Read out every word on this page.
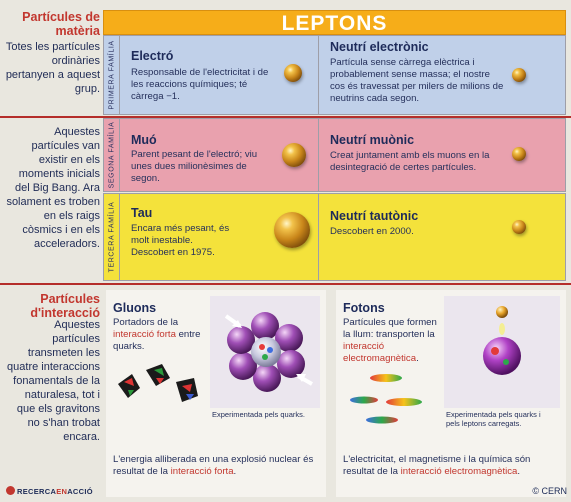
Partícules de matèria
Totes les partícules ordinàries pertanyen a aquest grup.
Aquestes partícules van existir en els moments inicials del Big Bang. Ara solament es troben en els raigs còsmics i en els acceleradors.
Partícules d'interacció
Aquestes partícules transmeten les quatre interaccions fonamentals de la naturalesa, tot i que els gravitons no s'han trobat encara.
LEPTONS
PRIMERA FAMÍLIA Electró
Responsable de l'electricitat i de les reaccions químiques; té càrrega −1.
Neutrí electrònic
Partícula sense càrrega elèctrica i probablement sense massa; el nostre cos és travessat per milers de milions de neutrins cada segon.
SEGONA FAMÍLIA Muó
Parent pesant de l'electró; viu unes dues milionèsimes de segon.
Neutrí muònic
Creat juntament amb els muons en la desintegració de certes partícules.
TERCERA FAMÍLIA Tau
Encara més pesant, és molt inestable. Descobert en 1975.
Neutrí tautònic
Descobert en 2000.
Gluons
Portadors de la interacció forta entre quarks.
Experimentada pels quarks.
L'energia alliberada en una explosió nuclear és resultat de la interacció forta.
Fotons
Partícules que formen la llum: transporten la interacció electromagnètica.
Experimentada pels quarks i pels leptons carregats.
L'electricitat, el magnetisme i la química són resultat de la interacció electromagnètica.
RECERCAENACCIÓ	© CERN
